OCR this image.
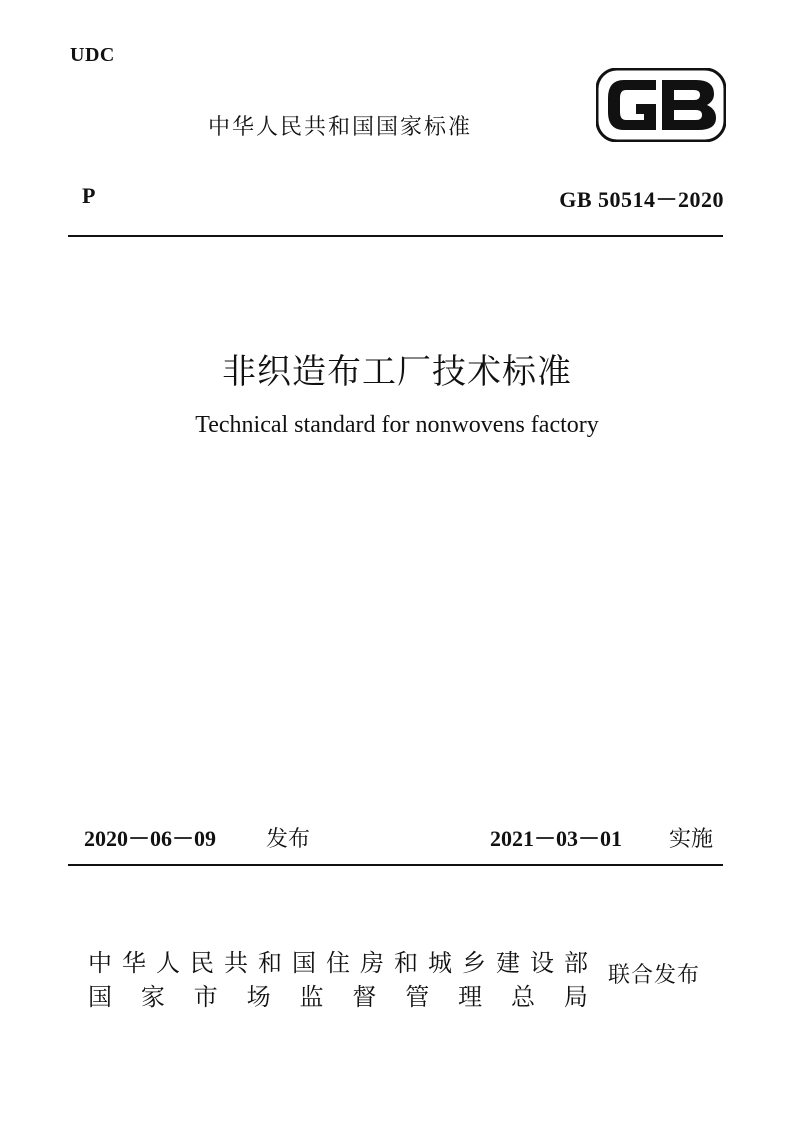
UDC
中华人民共和国国家标准
P	GB 50514－2020
非织造布工厂技术标准
Technical standard for nonwovens factory
2020－06－09 发布	2021－03－01 实施
中 华 人 民 共 和 国 住 房 和 城 乡 建 设 部
国 家 市 场 监 督 管 理 总 局
联合发布
